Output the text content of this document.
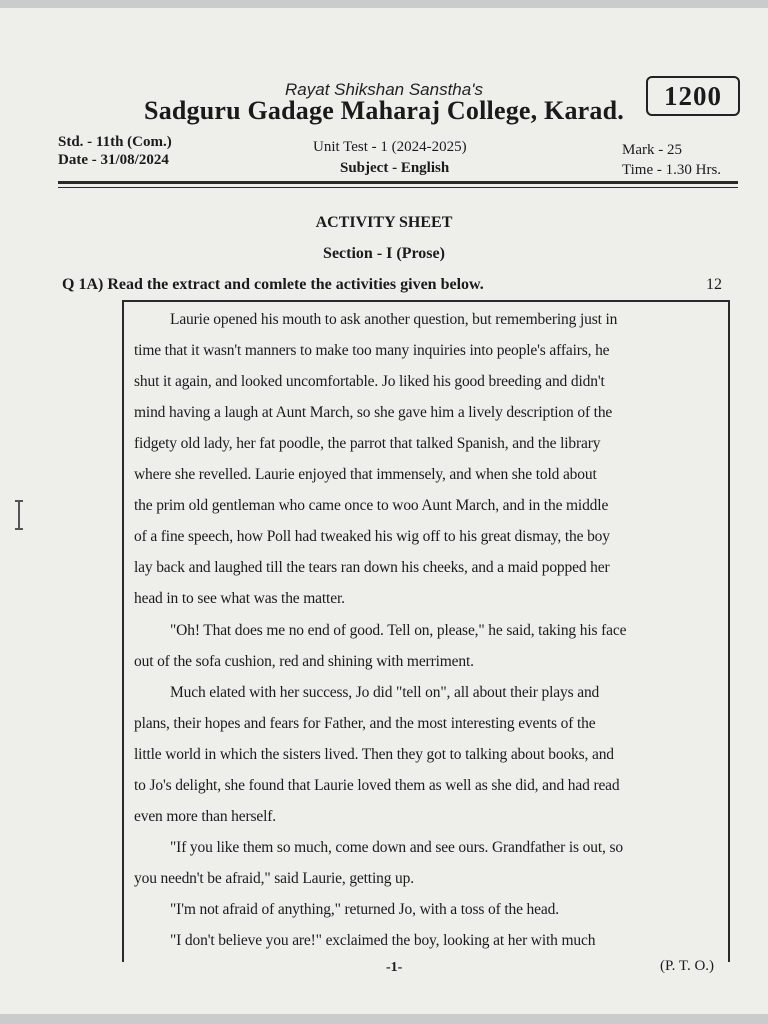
Rayat Shikshan Sanstha's
Sadguru Gadage Maharaj College, Karad.	1200
Std. - 11th (Com.)
Date - 31/08/2024
Unit Test - 1 (2024-2025)
Subject - English
Mark - 25
Time - 1.30 Hrs.
ACTIVITY SHEET
Section - I (Prose)
Q 1A) Read the extract and comlete the activities given below.	12
Laurie opened his mouth to ask another question, but remembering just in
time that it wasn't manners to make too many inquiries into people's affairs, he
shut it again, and looked uncomfortable. Jo liked his good breeding and didn't
mind having a laugh at Aunt March, so she gave him a lively description of the
fidgety old lady, her fat poodle, the parrot that talked Spanish, and the library
where she revelled. Laurie enjoyed that immensely, and when she told about
the prim old gentleman who came once to woo Aunt March, and in the middle
of a fine speech, how Poll had tweaked his wig off to his great dismay, the boy
lay back and laughed till the tears ran down his cheeks, and a maid popped her
head in to see what was the matter.
"Oh! That does me no end of good. Tell on, please," he said, taking his face
out of the sofa cushion, red and shining with merriment.
Much elated with her success, Jo did "tell on", all about their plays and
plans, their hopes and fears for Father, and the most interesting events of the
little world in which the sisters lived. Then they got to talking about books, and
to Jo's delight, she found that Laurie loved them as well as she did, and had read
even more than herself.
"If you like them so much, come down and see ours. Grandfather is out, so
you needn't be afraid," said Laurie, getting up.
"I'm not afraid of anything," returned Jo, with a toss of the head.
"I don't believe you are!" exclaimed the boy, looking at her with much
-1-	(P. T. O.)
